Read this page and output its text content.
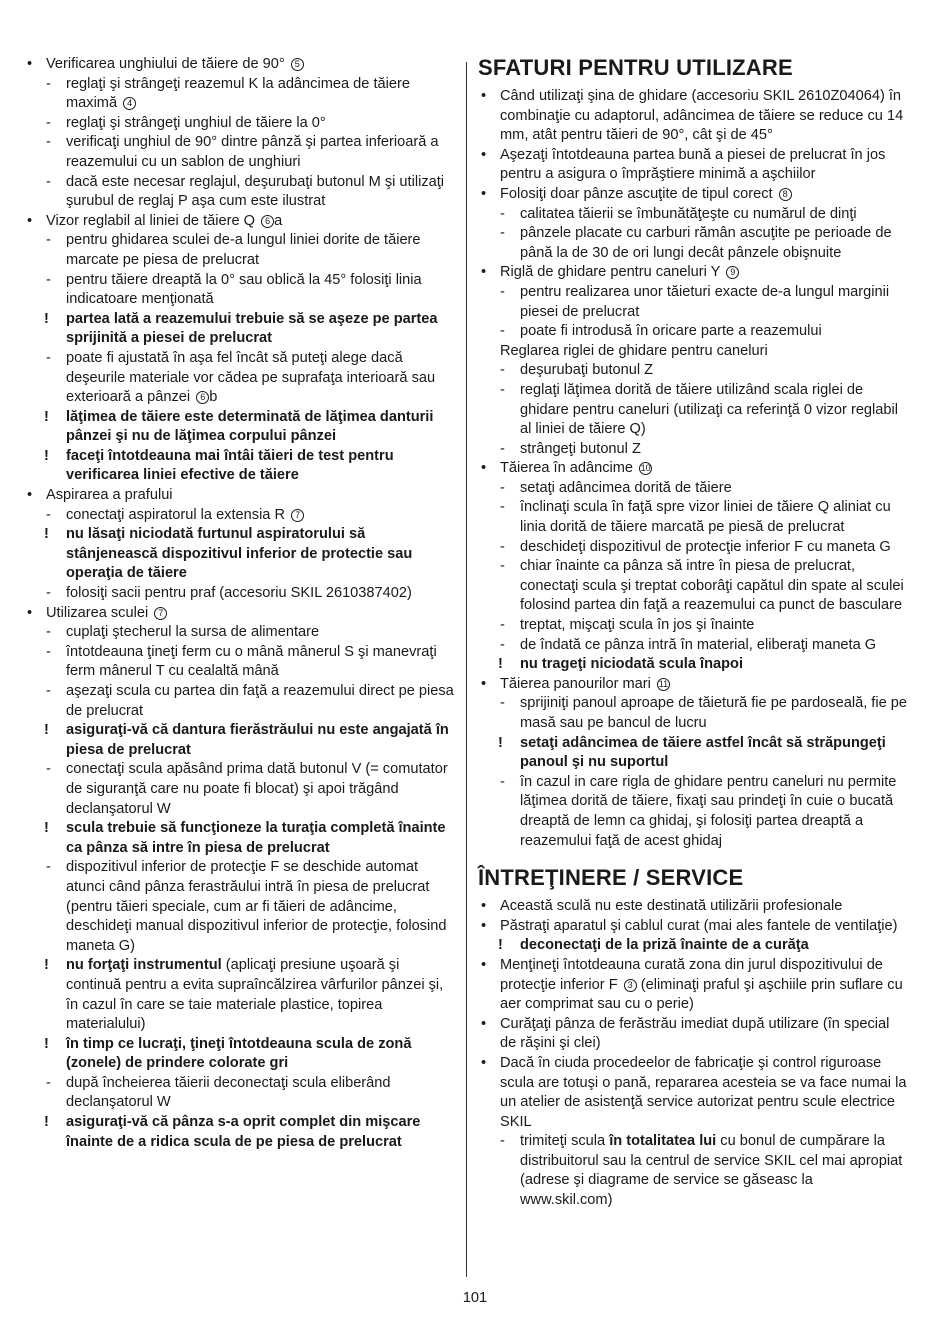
• Verificarea unghiului de tăiere de 90° 5
- reglaţi şi strângeţi reazemul K la adâncimea de tăiere maximă 4
- reglaţi şi strângeţi unghiul de tăiere la 0°
- verificaţi unghiul de 90° dintre pânză şi partea inferioară a reazemului cu un sablon de unghiuri
- dacă este necesar reglajul, deşurubaţi butonul M şi utilizaţi şurubul de reglaj P aşa cum este ilustrat
• Vizor reglabil al liniei de tăiere Q 6 a
- pentru ghidarea sculei de-a lungul liniei dorite de tăiere marcate pe piesa de prelucrat
- pentru tăiere dreaptă la 0° sau oblică la 45° folosiţi linia indicatoare menţionată
! partea lată a reazemului trebuie să se aşeze pe partea sprijinită a piesei de prelucrat
- poate fi ajustată în aşa fel încât să puteţi alege dacă deşeurile materiale vor cădea pe suprafaţa interioară sau exterioară a pânzei 6 b
! lăţimea de tăiere este determinată de lăţimea danturii pânzei şi nu de lăţimea corpului pânzei
! faceţi întotdeauna mai întâi tăieri de test pentru verificarea liniei efective de tăiere
• Aspirarea a prafului
- conectaţi aspiratorul la extensia R 7
! nu lăsaţi niciodată furtunul aspiratorului să stânjenească dispozitivul inferior de protectie sau operaţia de tăiere
- folosiţi sacii pentru praf (accesoriu SKIL 2610387402)
• Utilizarea sculei 7
- cuplaţi ştecherul la sursa de alimentare
- întotdeauna ţineţi ferm cu o mână mânerul S şi manevraţi ferm mânerul T cu cealaltă mână
- aşezaţi scula cu partea din faţă a reazemului direct pe piesa de prelucrat
! asiguraţi-vă că dantura fierăstrăului nu este angajată în piesa de prelucrat
- conectaţi scula apăsând prima dată butonul V (= comutator de siguranţă care nu poate fi blocat) şi apoi trăgând declanşatorul W
! scula trebuie să funcţioneze la turaţia completă înainte ca pânza să intre în piesa de prelucrat
- dispozitivul inferior de protecţie F se deschide automat atunci când pânza ferastrăului intră în piesa de prelucrat (pentru tăieri speciale, cum ar fi tăieri de adâncime, deschideţi manual dispozitivul inferior de protecţie, folosind maneta G)
! nu forţaţi instrumentul (aplicaţi presiune uşoară şi continuă pentru a evita supraîncălzirea vârfurilor pânzei şi, în cazul în care se taie materiale plastice, topirea materialului)
! în timp ce lucraţi, ţineţi întotdeauna scula de zonă (zonele) de prindere colorate gri
- după încheierea tăierii deconectaţi scula eliberând declanşatorul W
! asiguraţi-vă că pânza s-a oprit complet din mişcare înainte de a ridica scula de pe piesa de prelucrat
SFATURI PENTRU UTILIZARE
• Când utilizaţi şina de ghidare (accesoriu SKIL 2610Z04064) în combinaţie cu adaptorul, adâncimea de tăiere se reduce cu 14 mm, atât pentru tăieri de 90°, cât şi de 45°
• Aşezaţi întotdeauna partea bună a piesei de prelucrat în jos pentru a asigura o împrăştiere minimă a aşchiilor
• Folosiţi doar pânze ascuţite de tipul corect 8
- calitatea tăierii se îmbunătăţeşte cu numărul de dinţi
- pânzele placate cu carburi rămân ascuţite pe perioade de până la de 30 de ori lungi decât pânzele obişnuite
• Riglă de ghidare pentru caneluri Y 9
- pentru realizarea unor tăieturi exacte de-a lungul marginii piesei de prelucrat
- poate fi introdusă în oricare parte a reazemului
Reglarea riglei de ghidare pentru caneluri
- deşurubaţi butonul Z
- reglaţi lăţimea dorită de tăiere utilizând scala riglei de ghidare pentru caneluri (utilizaţi ca referinţă 0 vizor reglabil al liniei de tăiere Q)
- strângeţi butonul Z
• Tăierea în adâncime 10
- setaţi adâncimea dorită de tăiere
- înclinaţi scula în faţă spre vizor liniei de tăiere Q aliniat cu linia dorită de tăiere marcată pe piesă de prelucrat
- deschideţi dispozitivul de protecţie inferior F cu maneta G
- chiar înainte ca pânza să intre în piesa de prelucrat, conectaţi scula şi treptat coborâţi capătul din spate al sculei folosind partea din faţă a reazemului ca punct de basculare
- treptat, mişcaţi scula în jos şi înainte
- de îndată ce pânza intră în material, eliberaţi maneta G
! nu trageţi niciodată scula înapoi
• Tăierea panourilor mari 11
- sprijiniţi panoul aproape de tăietură fie pe pardoseală, fie pe masă sau pe bancul de lucru
! setaţi adâncimea de tăiere astfel încât să străpungeţi panoul şi nu suportul
- în cazul in care rigla de ghidare pentru caneluri nu permite lăţimea dorită de tăiere, fixaţi sau prindeţi în cuie o bucată dreaptă de lemn ca ghidaj, şi folosiţi partea dreaptă a reazemului faţă de acest ghidaj
ÎNTREŢINERE / SERVICE
• Această sculă nu este destinată utilizării profesionale
• Păstraţi aparatul şi cablul curat (mai ales fantele de ventilaţie)
! deconectaţi de la priză înainte de a curăţa
• Menţineţi întotdeauna curată zona din jurul dispozitivului de protecţie inferior F 3 (eliminaţi praful şi aşchiile prin suflare cu aer comprimat sau cu o perie)
• Curăţaţi pânza de ferăstrău imediat după utilizare (în special de răşini şi clei)
• Dacă în ciuda procedeelor de fabricaţie şi control riguroase scula are totuşi o pană, repararea acesteia se va face numai la un atelier de asistenţă service autorizat pentru scule electrice SKIL
- trimiteţi scula în totalitatea lui cu bonul de cumpărare la distribuitorul sau la centrul de service SKIL cel mai apropiat (adrese şi diagrame de service se găseasc la www.skil.com)
101
